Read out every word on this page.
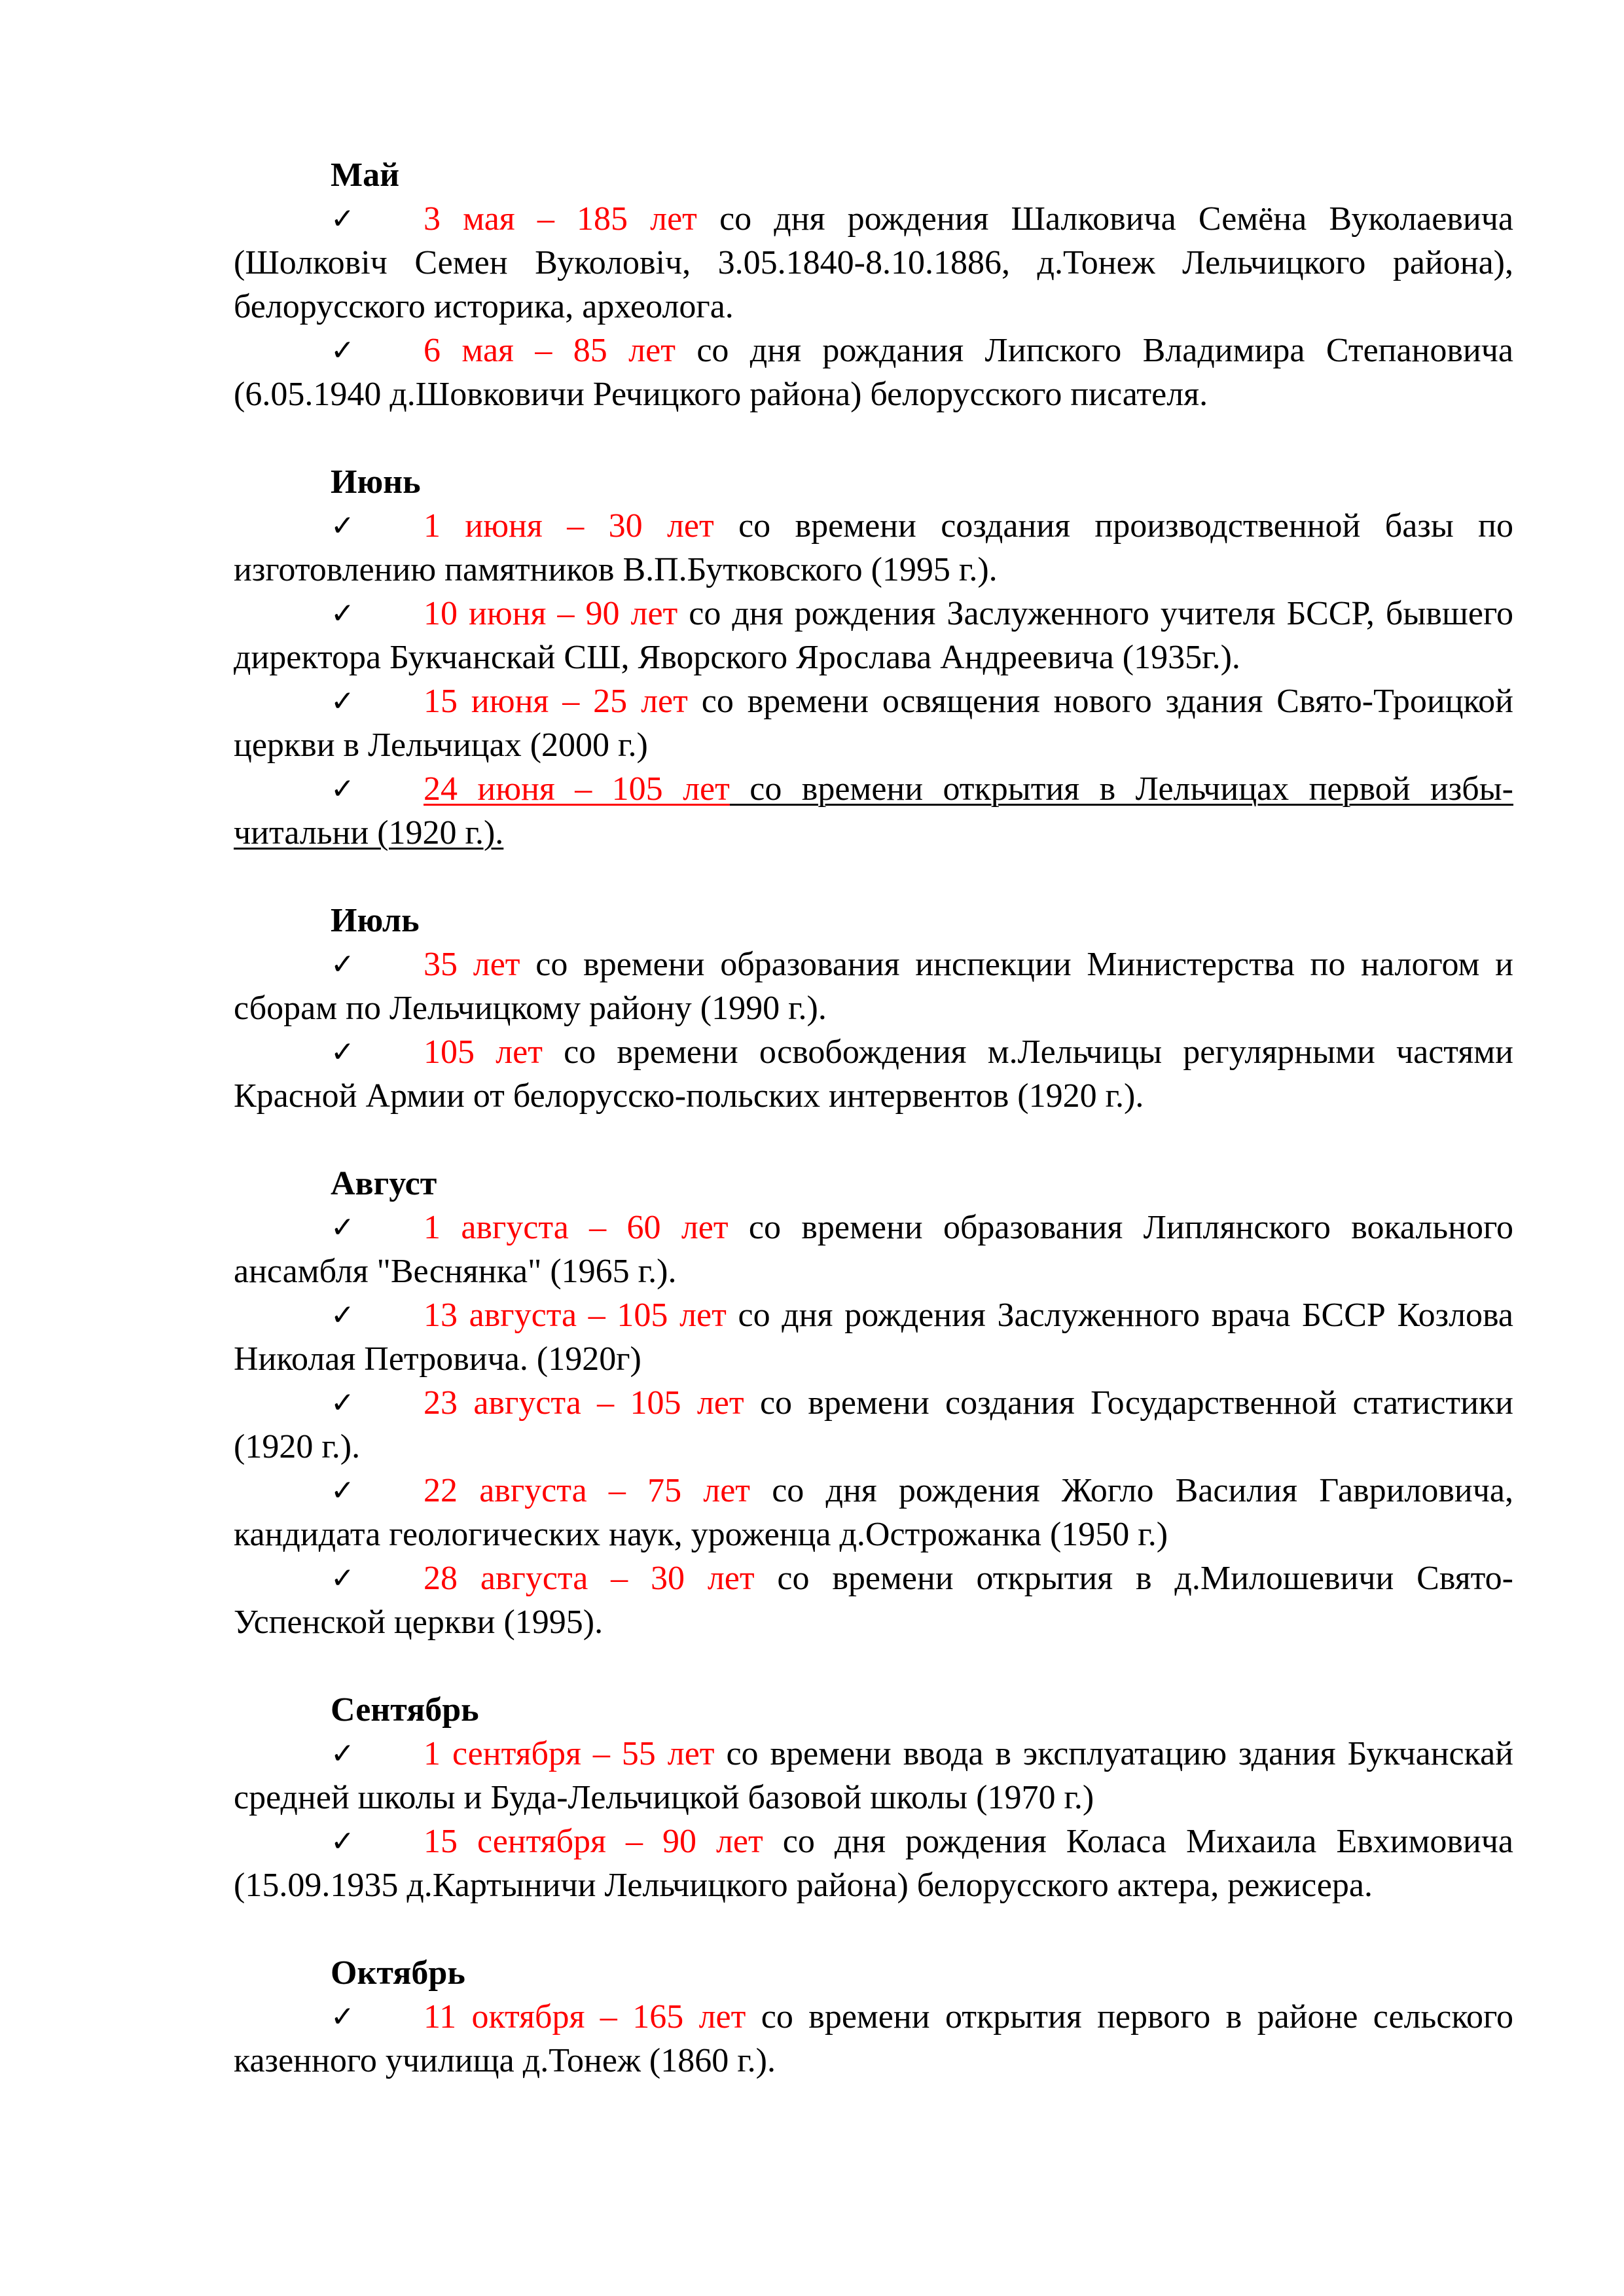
Май

✓ 3 мая – 185 лет со дня рождения Шалковича Семёна Вуколаевича (Шолковіч Семен Вуколовіч, 3.05.1840-8.10.1886, д.Тонеж Лельчицкого района), белорусского историка, археолога.

✓ 6 мая – 85 лет со дня рождания Липского Владимира Степановича (6.05.1940 д.Шовковичи Речицкого района) белорусского писателя.

Июнь

✓ 1 июня – 30 лет со времени создания производственной базы по изготовлению памятников В.П.Бутковского (1995 г.).

✓ 10 июня – 90 лет со дня рождения Заслуженного учителя БССР, бывшего директора Букчанскай СШ, Яворского Ярослава Андреевича (1935г.).

✓ 15 июня – 25 лет со времени освящения нового здания Свято-Троицкой церкви в Лельчицах (2000 г.)

✓ 24 июня – 105 лет со времени открытия в Лельчицах первой избы-читальни (1920 г.).

Июль

✓ 35 лет со времени образования инспекции Министерства по налогом и сборам по Лельчицкому району (1990 г.).

✓ 105 лет со времени освобождения м.Лельчицы регулярными частями Красной Армии от белорусско-польских интервентов (1920 г.).

Август

✓ 1 августа – 60 лет со времени образования Липлянского вокального ансамбля "Веснянка" (1965 г.).

✓ 13 августа – 105 лет со дня рождения Заслуженного врача БССР Козлова Николая Петровича. (1920г)

✓ 23 августа – 105 лет со времени создания Государственной статистики (1920 г.).

✓ 22 августа – 75 лет со дня рождения Жогло Василия Гавриловича, кандидата геологических наук, уроженца д.Острожанка (1950 г.)

✓ 28 августа – 30 лет со времени открытия в д.Милошевичи Свято-Успенской церкви (1995).

Сентябрь

✓ 1 сентября – 55 лет со времени ввода в эксплуатацию здания Букчанскай средней школы и Буда-Лельчицкой базовой школы (1970 г.)

✓ 15 сентября – 90 лет со дня рождения Коласа Михаила Евхимовича (15.09.1935 д.Картыничи Лельчицкого района) белорусского актера, режисера.

Октябрь

✓ 11 октября – 165 лет со времени открытия первого в районе сельского казенного училища д.Тонеж (1860 г.).
